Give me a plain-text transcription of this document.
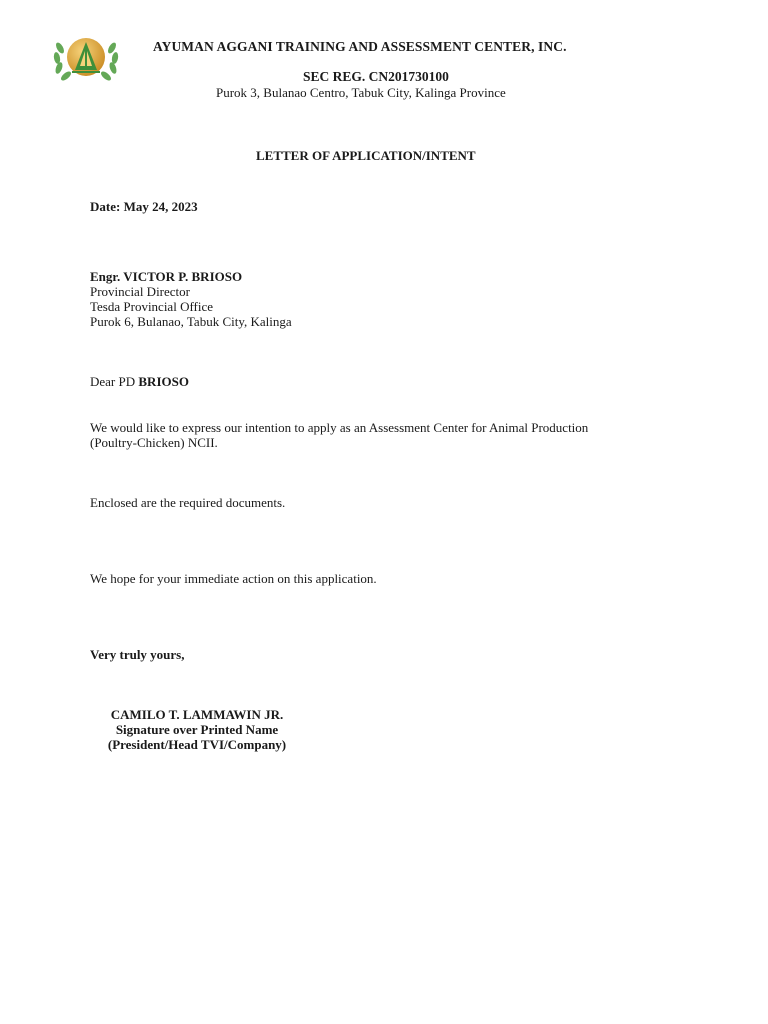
AYUMAN AGGANI TRAINING AND ASSESSMENT CENTER, INC.
SEC REG. CN201730100
Purok 3, Bulanao Centro, Tabuk City, Kalinga Province
LETTER OF APPLICATION/INTENT
Date: May 24, 2023
Engr. VICTOR P. BRIOSO
Provincial Director
Tesda Provincial Office
Purok 6, Bulanao, Tabuk City, Kalinga
Dear PD BRIOSO
We would like to express our intention to apply as an Assessment Center for Animal Production
(Poultry-Chicken) NCII.
Enclosed are the required documents.
We hope for your immediate action on this application.
Very truly yours,
CAMILO T. LAMMAWIN JR.
Signature over Printed Name
(President/Head TVI/Company)
